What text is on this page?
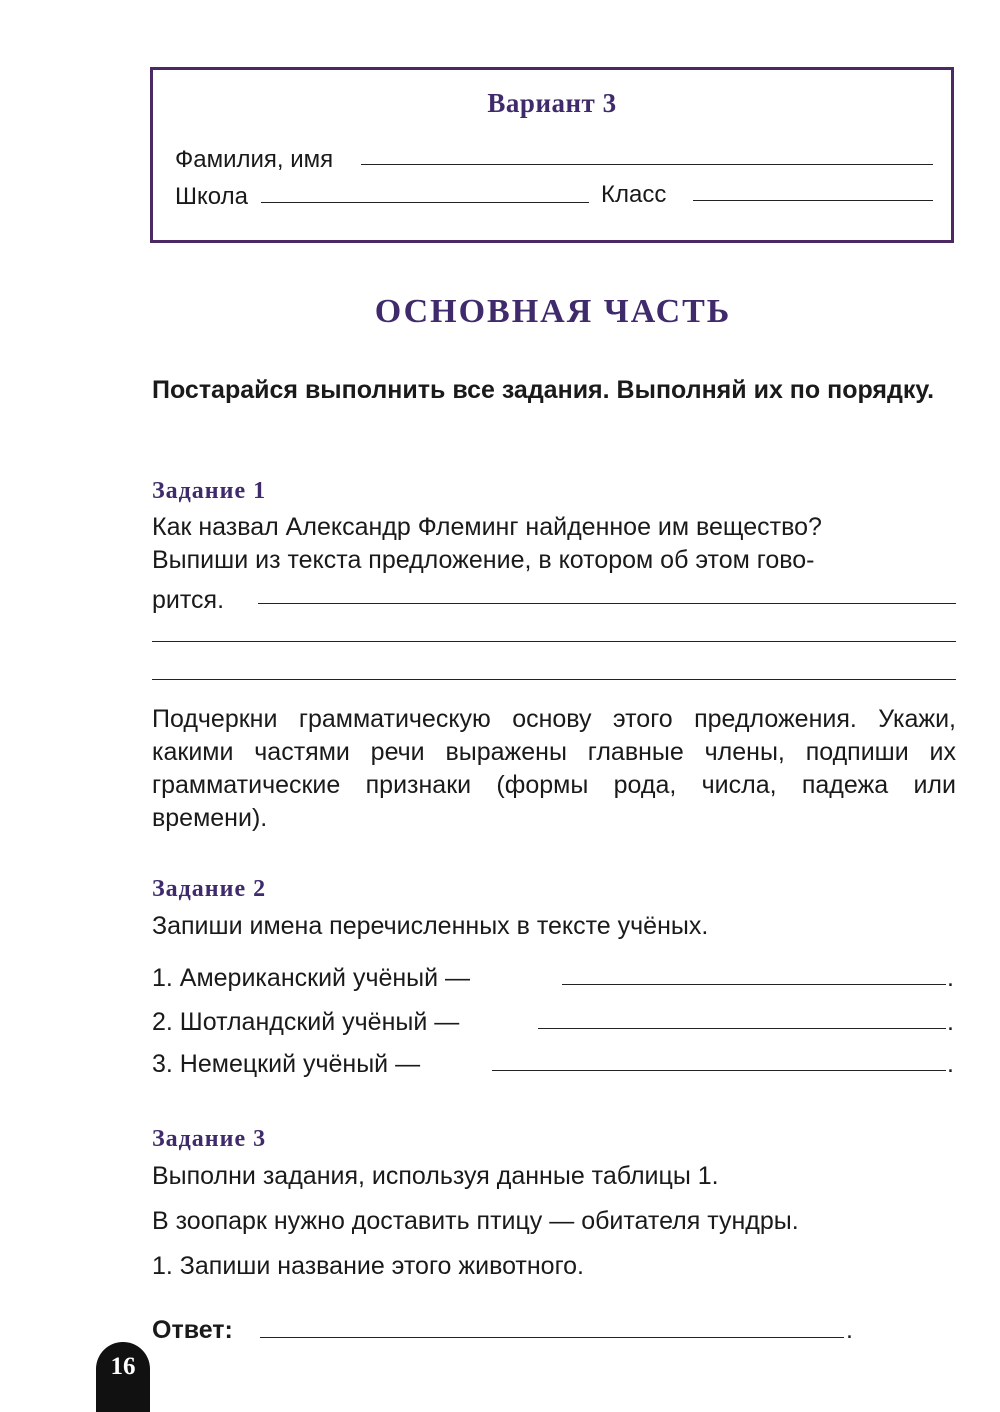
Вариант 3
Фамилия, имя
Школа	Класс
ОСНОВНАЯ ЧАСТЬ
Постарайся выполнить все задания. Выполняй их по порядку.
Задание 1
Как назвал Александр Флеминг найденное им вещество?
Выпиши из текста предложение, в котором об этом гово-
рится.
Подчеркни грамматическую основу этого предложения. Укажи, какими частями речи выражены главные члены, подпиши их грамматические признаки (формы рода, числа, падежа или времени).
Задание 2
Запиши имена перечисленных в тексте учёных.
1. Американский учёный —	.
2. Шотландский учёный —	.
3. Немецкий учёный —	.
Задание 3
Выполни задания, используя данные таблицы 1.
В зоопарк нужно доставить птицу — обитателя тундры.
1. Запиши название этого животного.
Ответ:	.
16
